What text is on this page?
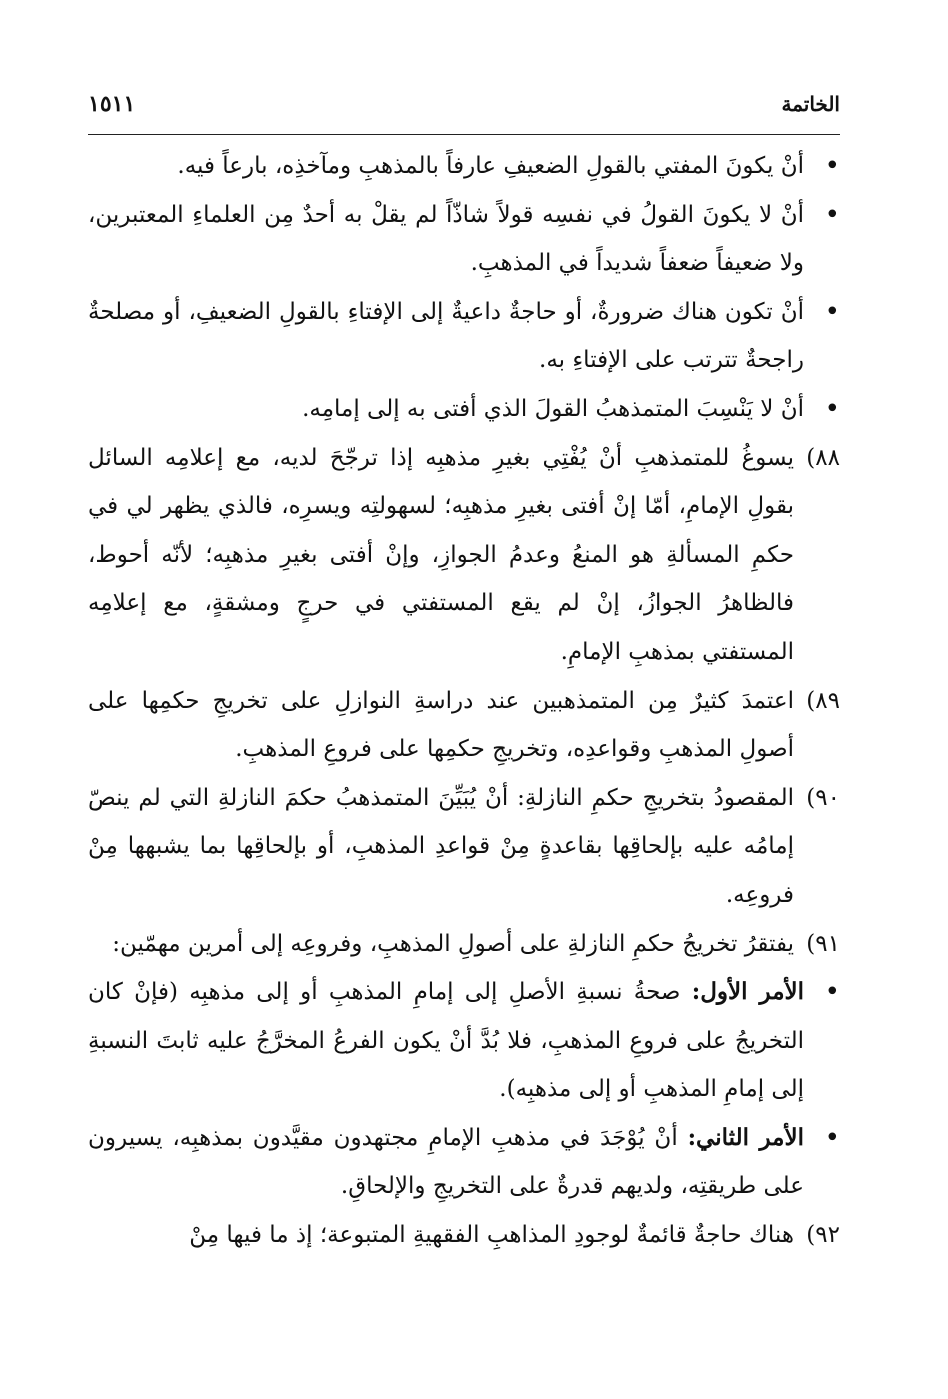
الخاتمة
١٥١١
•
أنْ يكونَ المفتي بالقولِ الضعيفِ عارفاً بالمذهبِ ومآخذِه، بارعاً فيه.
•
أنْ لا يكونَ القولُ في نفسِه قولاً شاذّاً لم يقلْ به أحدٌ مِن العلماءِ المعتبرين، ولا ضعيفاً ضعفاً شديداً في المذهبِ.
•
أنْ تكون هناك ضرورةٌ، أو حاجةٌ داعيةٌ إلى الإفتاءِ بالقولِ الضعيفِ، أو مصلحةٌ راجحةٌ تترتب على الإفتاءِ به.
•
أنْ لا يَنْسِبَ المتمذهبُ القولَ الذي أفتى به إلى إمامِه.
٨٨)
يسوغُ للمتمذهبِ أنْ يُفْتِي بغيرِ مذهبِه إذا ترجّحَ لديه، مع إعلامِه السائل بقولِ الإمامِ، أمّا إنْ أفتى بغيرِ مذهبِه؛ لسهولتِه ويسرِه، فالذي يظهر لي في حكمِ المسألةِ هو المنعُ وعدمُ الجوازِ، وإنْ أفتى بغيرِ مذهبِه؛ لأنّه أحوط، فالظاهرُ الجوازُ، إنْ لم يقع المستفتي في حرجٍ ومشقةٍ، مع إعلامِه المستفتي بمذهبِ الإمامِ.
٨٩)
اعتمدَ كثيرٌ مِن المتمذهبين عند دراسةِ النوازلِ على تخريجِ حكمِها على أصولِ المذهبِ وقواعدِه، وتخريجِ حكمِها على فروعِ المذهبِ.
٩٠)
المقصودُ بتخريجِ حكمِ النازلةِ: أنْ يُبَيِّنَ المتمذهبُ حكمَ النازلةِ التي لم ينصّ إمامُه عليه بإلحاقِها بقاعدةٍ مِنْ قواعدِ المذهبِ، أو بإلحاقِها بما يشبهها مِنْ فروعِه.
٩١)
يفتقرُ تخريجُ حكمِ النازلةِ على أصولِ المذهبِ، وفروعِه إلى أمرين مهمّين:
•
الأمر الأول: صحةُ نسبةِ الأصلِ إلى إمامِ المذهبِ أو إلى مذهبِه (فإنْ كان التخريجُ على فروعِ المذهبِ، فلا بُدَّ أنْ يكون الفرعُ المخرَّجُ عليه ثابتَ النسبةِ إلى إمامِ المذهبِ أو إلى مذهبِه).
•
الأمر الثاني: أنْ يُوْجَدَ في مذهبِ الإمامِ مجتهدون مقيَّدون بمذهبِه، يسيرون على طريقتِه، ولديهم قدرةٌ على التخريجِ والإلحاقِ.
٩٢)
هناك حاجةٌ قائمةٌ لوجودِ المذاهبِ الفقهيةِ المتبوعة؛ إذ ما فيها مِنْ
